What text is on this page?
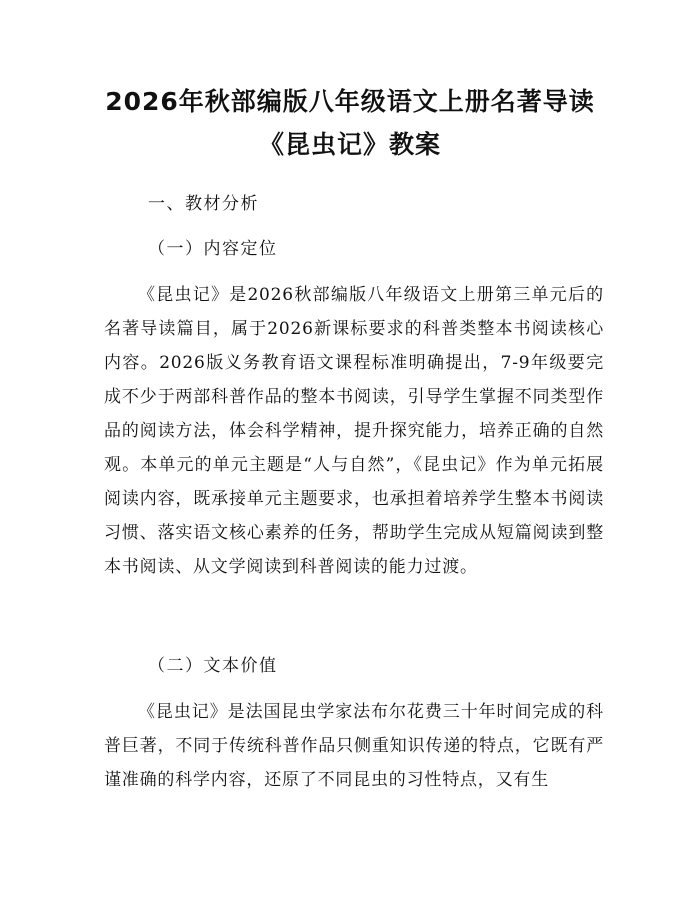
2026年秋部编版八年级语文上册名著导读
《昆虫记》教案
一、教材分析
（一）内容定位
《昆虫记》是2026秋部编版八年级语文上册第三单元后的名著导读篇目，属于2026新课标要求的科普类整本书阅读核心内容。2026版义务教育语文课程标准明确提出，7-9年级要完成不少于两部科普作品的整本书阅读，引导学生掌握不同类型作品的阅读方法，体会科学精神，提升探究能力，培养正确的自然观。本单元的单元主题是“人与自然”，《昆虫记》作为单元拓展阅读内容，既承接单元主题要求，也承担着培养学生整本书阅读习惯、落实语文核心素养的任务，帮助学生完成从短篇阅读到整本书阅读、从文学阅读到科普阅读的能力过渡。
（二）文本价值
《昆虫记》是法国昆虫学家法布尔花费三十年时间完成的科普巨著，不同于传统科普作品只侧重知识传递的特点，它既有严谨准确的科学内容，还原了不同昆虫的习性特点，又有生
